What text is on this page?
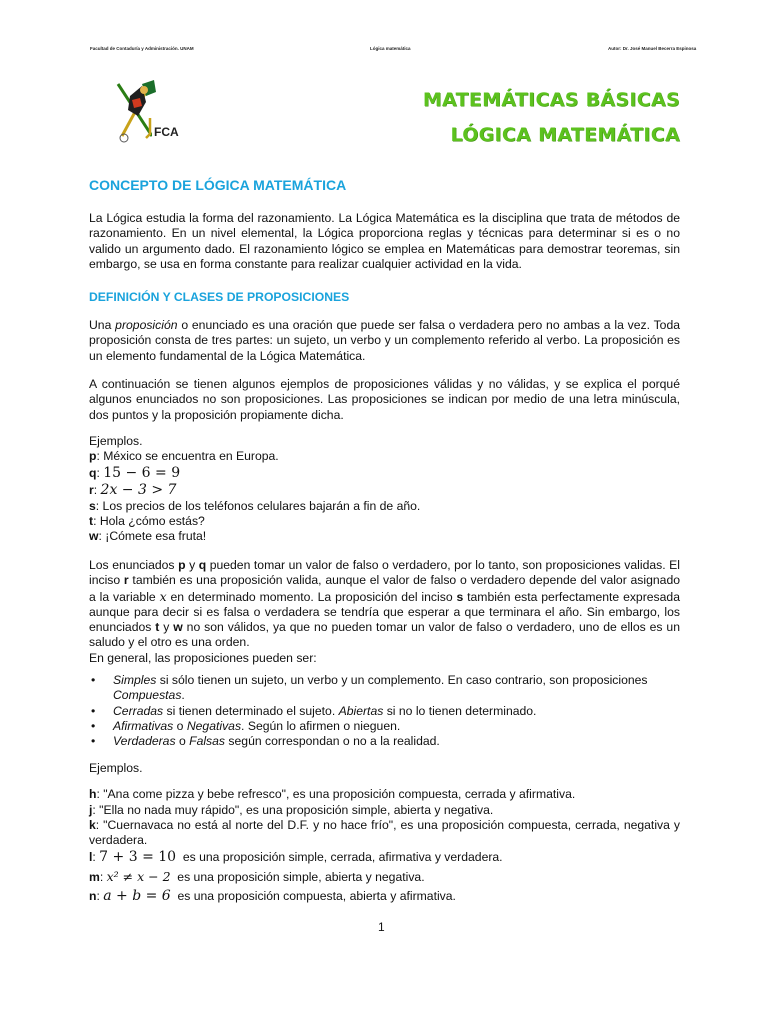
Facultad de Contaduría y Administración. UNAM	Lógica matemática	Autor: Dr. José Manuel Becerra Espinosa
FCA
MATEMÁTICAS BÁSICAS
LÓGICA MATEMÁTICA
CONCEPTO DE LÓGICA MATEMÁTICA

La Lógica estudia la forma del razonamiento. La Lógica Matemática es la disciplina que trata de métodos de razonamiento. En un nivel elemental, la Lógica proporciona reglas y técnicas para determinar si es o no valido un argumento dado. El razonamiento lógico se emplea en Matemáticas para demostrar teoremas, sin embargo, se usa en forma constante para realizar cualquier actividad en la vida.

DEFINICIÓN Y CLASES DE PROPOSICIONES

Una proposición o enunciado es una oración que puede ser falsa o verdadera pero no ambas a la vez. Toda proposición consta de tres partes: un sujeto, un verbo y un complemento referido al verbo. La proposición es un elemento fundamental de la Lógica Matemática.

A continuación se tienen algunos ejemplos de proposiciones válidas y no válidas, y se explica el porqué algunos enunciados no son proposiciones. Las proposiciones se indican por medio de una letra minúscula, dos puntos y la proposición propiamente dicha.

Ejemplos.

p: México se encuentra en Europa.

q: 15 − 6 = 9

r: 2x − 3 > 7

s: Los precios de los teléfonos celulares bajarán a fin de año.

t: Hola ¿cómo estás?

w: ¡Cómete esa fruta!

Los enunciados p y q pueden tomar un valor de falso o verdadero, por lo tanto, son proposiciones validas. El inciso r también es una proposición valida, aunque el valor de falso o verdadero depende del valor asignado a la variable x en determinado momento. La proposición del inciso s también esta perfectamente expresada aunque para decir si es falsa o verdadera se tendría que esperar a que terminara el año. Sin embargo, los enunciados t y w no son válidos, ya que no pueden tomar un valor de falso o verdadero, uno de ellos es un saludo y el otro es una orden.

En general, las proposiciones pueden ser:

• Simples si sólo tienen un sujeto, un verbo y un complemento. En caso contrario, son proposiciones Compuestas.
• Cerradas si tienen determinado el sujeto. Abiertas si no lo tienen determinado.
• Afirmativas o Negativas. Según lo afirmen o nieguen.
• Verdaderas o Falsas según correspondan o no a la realidad.

Ejemplos.

h: "Ana come pizza y bebe refresco", es una proposición compuesta, cerrada y afirmativa.

j: "Ella no nada muy rápido", es una proposición simple, abierta y negativa.

k: "Cuernavaca no está al norte del D.F. y no hace frío", es una proposición compuesta, cerrada, negativa y verdadera.

l: 7 + 3 = 10  es una proposición simple, cerrada, afirmativa y verdadera.

m: x² ≠ x − 2  es una proposición simple, abierta y negativa.

n: a + b = 6  es una proposición compuesta, abierta y afirmativa.

1
